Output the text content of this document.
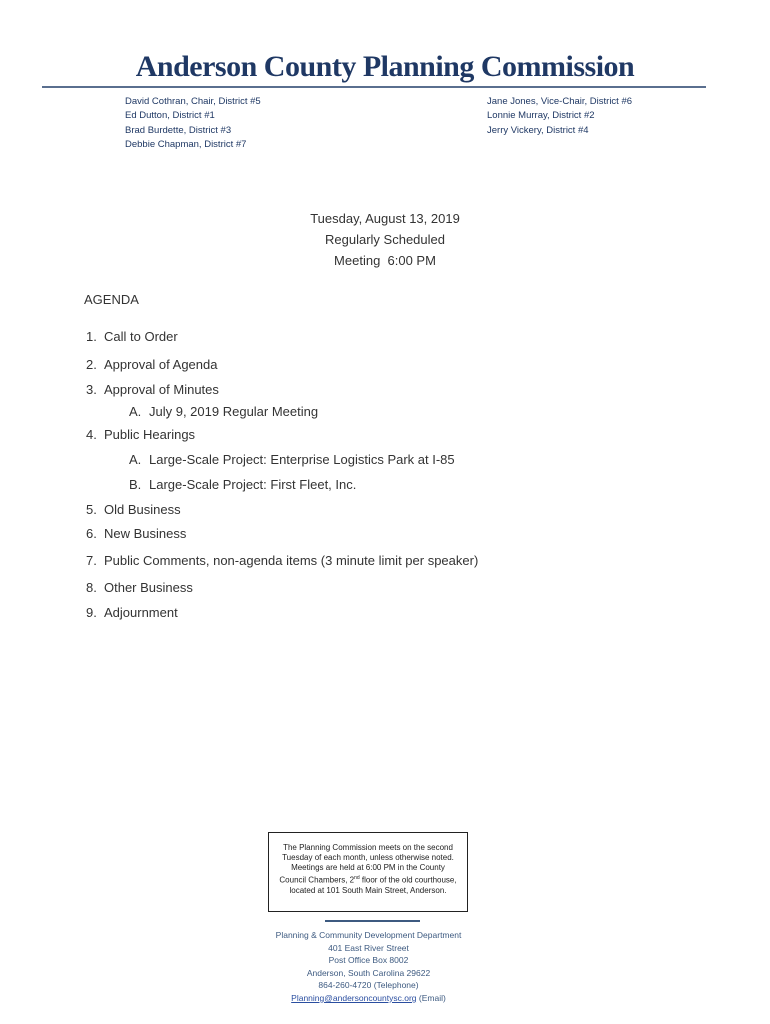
Anderson County Planning Commission
David Cothran, Chair, District #5
Ed Dutton, District #1
Brad Burdette, District #3
Debbie Chapman, District #7
Jane Jones, Vice-Chair, District #6
Lonnie Murray, District #2
Jerry Vickery, District #4
Tuesday, August 13, 2019
Regularly Scheduled
Meeting  6:00 PM
AGENDA
1. Call to Order
2. Approval of Agenda
3. Approval of Minutes
A. July 9, 2019 Regular Meeting
4. Public Hearings
A. Large-Scale Project: Enterprise Logistics Park at I-85
B. Large-Scale Project: First Fleet, Inc.
5. Old Business
6. New Business
7. Public Comments, non-agenda items (3 minute limit per speaker)
8. Other Business
9. Adjournment
The Planning Commission meets on the second Tuesday of each month, unless otherwise noted. Meetings are held at 6:00 PM in the County Council Chambers, 2nd floor of the old courthouse, located at 101 South Main Street, Anderson.
Planning & Community Development Department
401 East River Street
Post Office Box 8002
Anderson, South Carolina 29622
864-260-4720 (Telephone)
Planning@andersoncountysc.org (Email)
